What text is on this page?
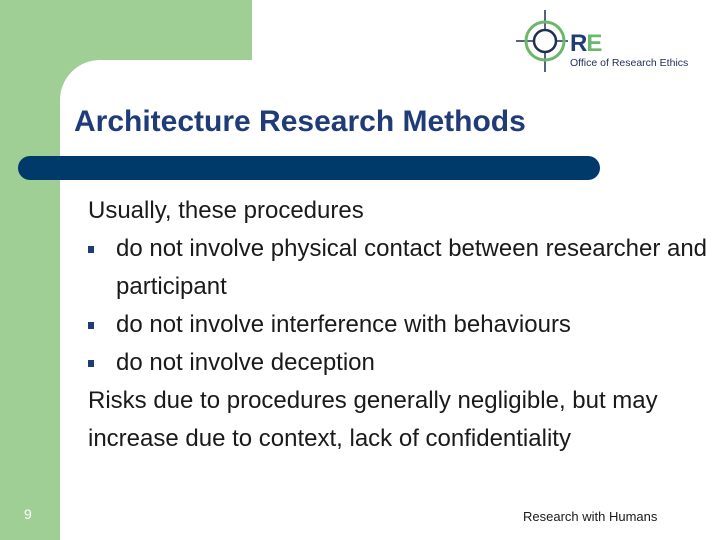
RE
Office of Research Ethics
Architecture Research Methods

Usually, these procedures

do not involve physical contact between researcher and participant
do not involve interference with behaviours
do not involve deception

Risks due to procedures generally negligible, but may increase due to context, lack of confidentiality

9	Research with Humans
